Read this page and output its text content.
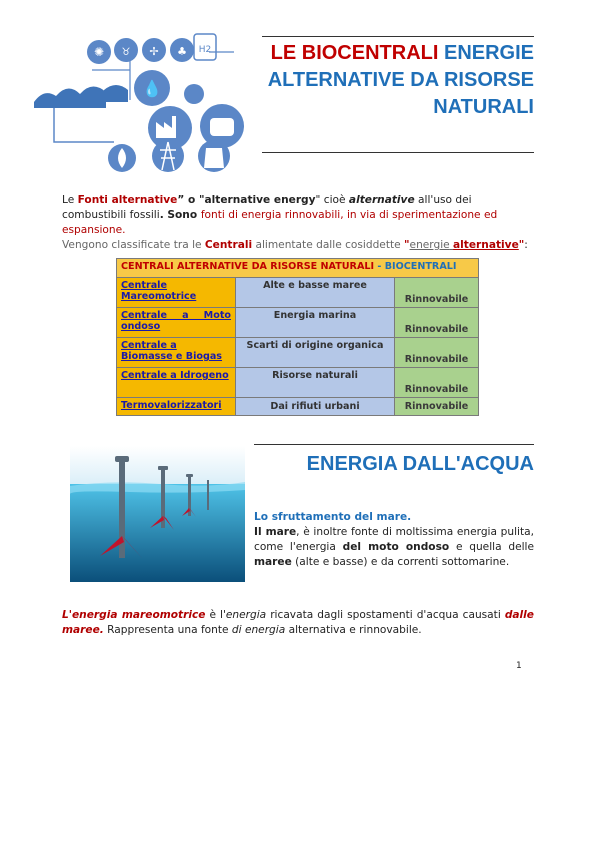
✺ ♉ ✢ ♣ H2
💧
LE BIOCENTRALI ENERGIE ALTERNATIVE DA RISORSE NATURALI
Le Fonti alternative” o "alternative energy" cioè alternative all'uso dei combustibili fossili. Sono fonti di energia rinnovabili, in via di sperimentazione ed espansione.
Vengono classificate tra le Centrali alimentate dalle cosiddette "energie alternative":
CENTRALI ALTERNATIVE DA RISORSE NATURALI - BIOCENTRALI		
Centrale Mareomotrice	Alte e basse maree	Rinnovabile
Centrale a Moto ondoso	Energia marina	Rinnovabile
Centrale a Biomasse e Biogas	Scarti di origine organica	Rinnovabile
Centrale a Idrogeno	Risorse naturali	Rinnovabile
Termovalorizzatori	Dai rifiuti urbani	Rinnovabile
ENERGIA DALL'ACQUA
Lo sfruttamento del mare.
Il mare, è inoltre fonte di moltissima energia pulita, come l'energia del moto ondoso e quella delle maree (alte e basse) e da correnti sottomarine.
L'energia mareomotrice è l'energia ricavata dagli spostamenti d'acqua causati dalle maree. Rappresenta una fonte di energia alternativa e rinnovabile.
1
